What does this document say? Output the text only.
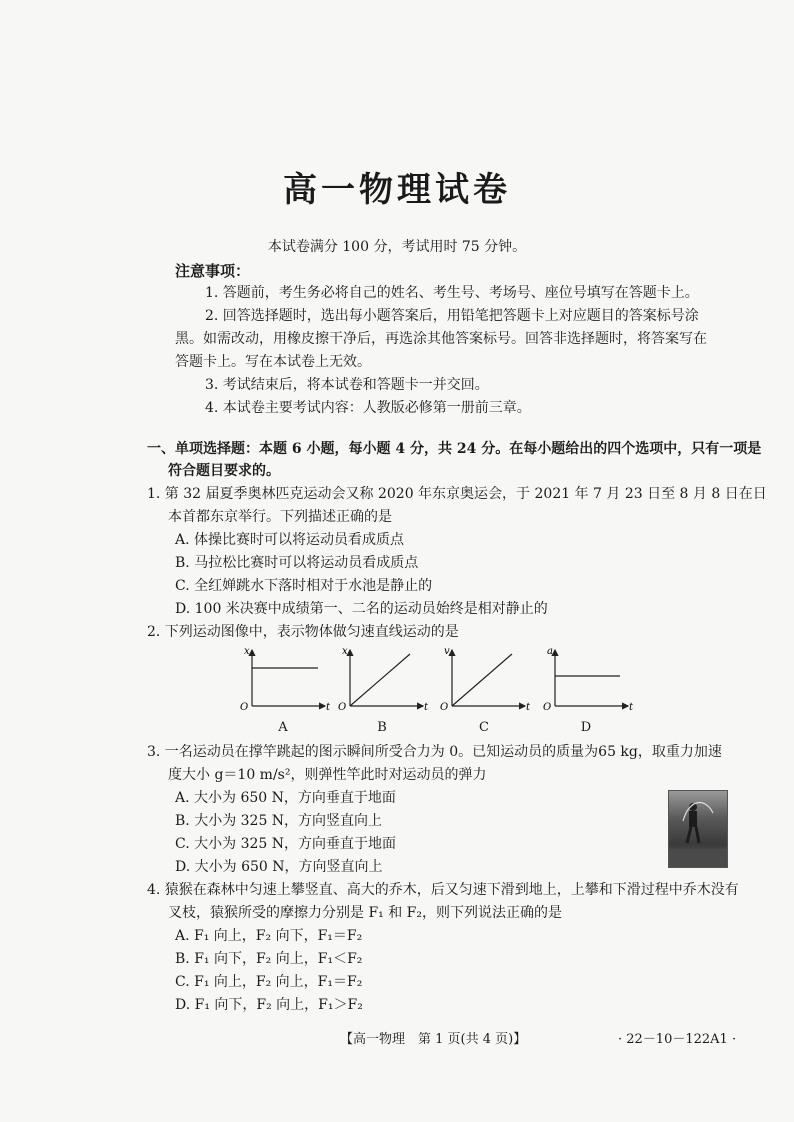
高一物理试卷
本试卷满分 100 分，考试用时 75 分钟。
注意事项：
1. 答题前，考生务必将自己的姓名、考生号、考场号、座位号填写在答题卡上。
2. 回答选择题时，选出每小题答案后，用铅笔把答题卡上对应题目的答案标号涂
黑。如需改动，用橡皮擦干净后，再选涂其他答案标号。回答非选择题时，将答案写在
答题卡上。写在本试卷上无效。
3. 考试结束后，将本试卷和答题卡一并交回。
4. 本试卷主要考试内容：人教版必修第一册前三章。
一、单项选择题：本题 6 小题，每小题 4 分，共 24 分。在每小题给出的四个选项中，只有一项是
符合题目要求的。
1. 第 32 届夏季奥林匹克运动会又称 2020 年东京奥运会，于 2021 年 7 月 23 日至 8 月 8 日在日
本首都东京举行。下列描述正确的是
A. 体操比赛时可以将运动员看成质点
B. 马拉松比赛时可以将运动员看成质点
C. 全红婵跳水下落时相对于水池是静止的
D. 100 米决赛中成绩第一、二名的运动员始终是相对静止的
2. 下列运动图像中，表示物体做匀速直线运动的是
x
t
O
x
t
O
v
t
O
a
t
O
A	B	C	D
3. 一名运动员在撑竿跳起的图示瞬间所受合力为 0。已知运动员的质量为65 kg，取重力加速
度大小 g＝10 m/s²，则弹性竿此时对运动员的弹力
A. 大小为 650 N，方向垂直于地面
B. 大小为 325 N，方向竖直向上
C. 大小为 325 N，方向垂直于地面
D. 大小为 650 N，方向竖直向上
4. 猿猴在森林中匀速上攀竖直、高大的乔木，后又匀速下滑到地上，上攀和下滑过程中乔木没有
叉枝，猿猴所受的摩擦力分别是 F₁ 和 F₂，则下列说法正确的是
A. F₁ 向上，F₂ 向下，F₁＝F₂
B. F₁ 向下，F₂ 向上，F₁＜F₂
C. F₁ 向上，F₂ 向上，F₁＝F₂
D. F₁ 向下，F₂ 向上，F₁＞F₂
【高一物理　第 1 页(共 4 页)】	· 22－10－122A1 ·
